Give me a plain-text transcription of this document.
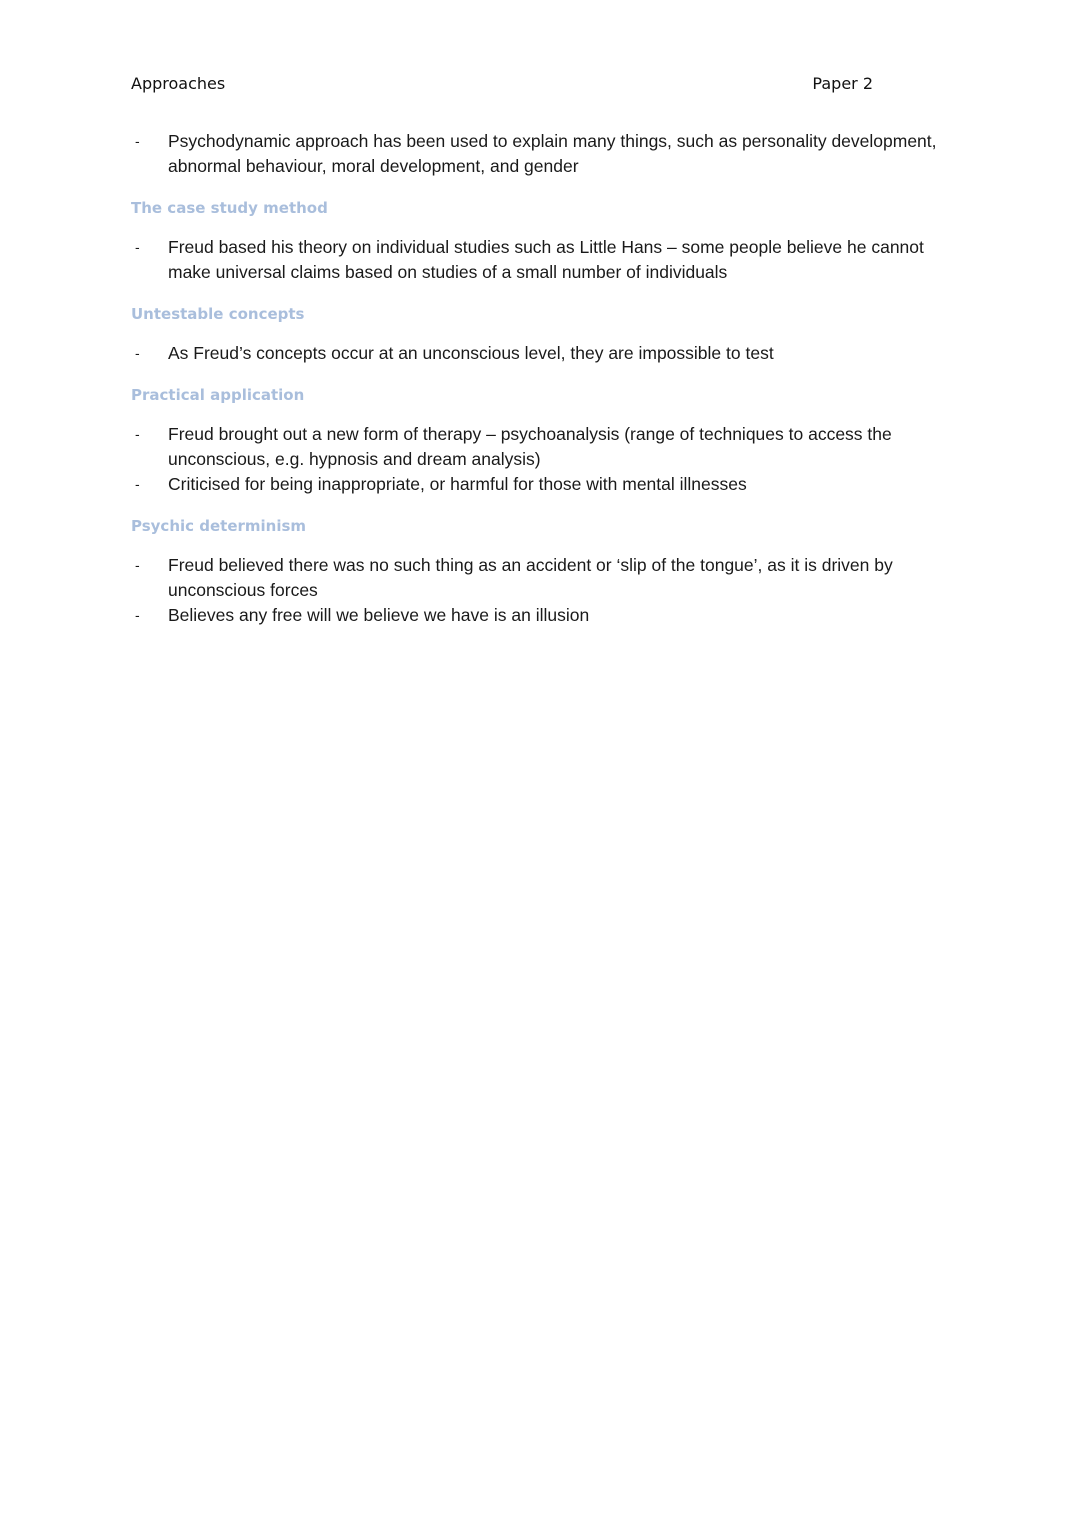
Approaches	Paper 2
- Psychodynamic approach has been used to explain many things, such as personality development, abnormal behaviour, moral development, and gender
The case study method
- Freud based his theory on individual studies such as Little Hans – some people believe he cannot make universal claims based on studies of a small number of individuals
Untestable concepts
- As Freud’s concepts occur at an unconscious level, they are impossible to test
Practical application
- Freud brought out a new form of therapy – psychoanalysis (range of techniques to access the unconscious, e.g. hypnosis and dream analysis)
- Criticised for being inappropriate, or harmful for those with mental illnesses
Psychic determinism
- Freud believed there was no such thing as an accident or ‘slip of the tongue’, as it is driven by unconscious forces
- Believes any free will we believe we have is an illusion
